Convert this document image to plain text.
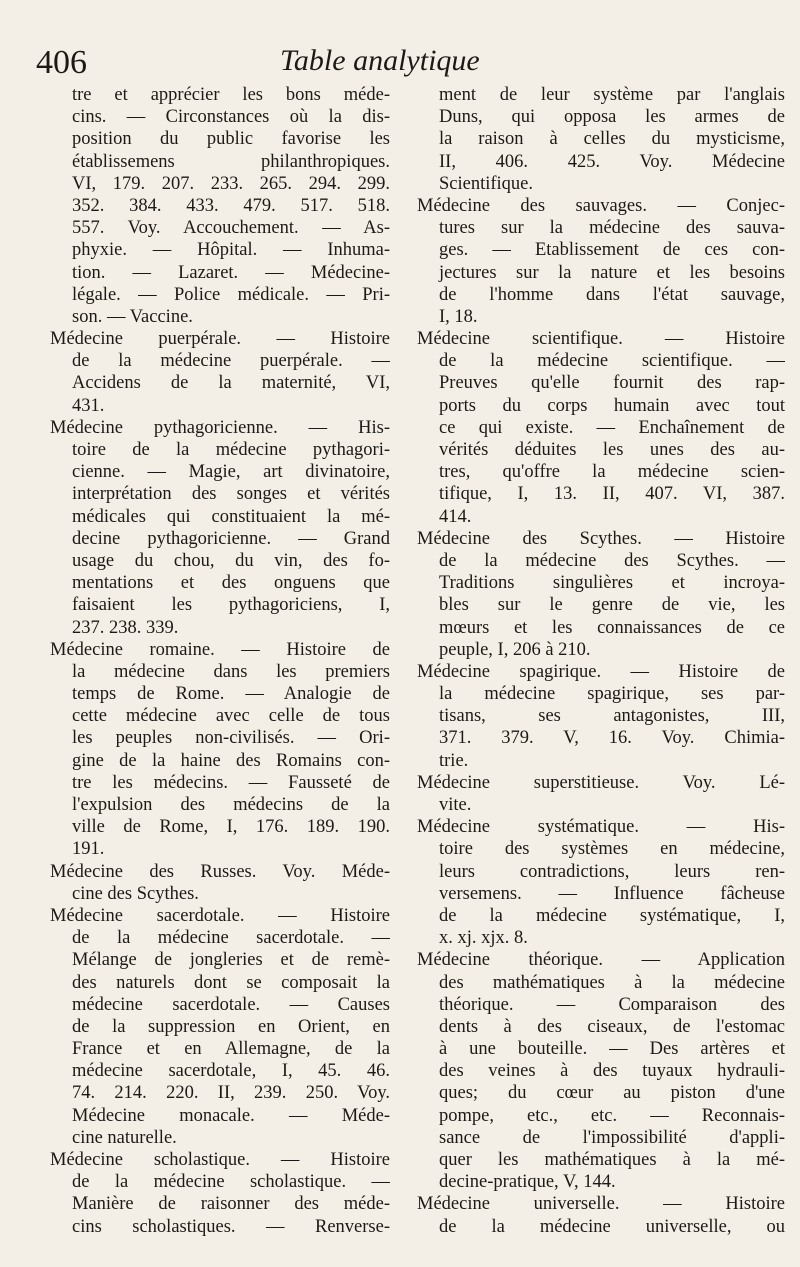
406	Table analytique
tre et apprécier les bons méde-
cins. — Circonstances où la dis-
position du public favorise les
établissemens philanthropiques.
VI, 179. 207. 233. 265. 294. 299.
352. 384. 433. 479. 517. 518.
557. Voy. Accouchement. — As-
phyxie. — Hôpital. — Inhuma-
tion. — Lazaret. — Médecine-
légale. — Police médicale. — Pri-
son. — Vaccine.
Médecine puerpérale. — Histoire
de la médecine puerpérale. —
Accidens de la maternité, VI,
431.
Médecine pythagoricienne. — His-
toire de la médecine pythagori-
cienne. — Magie, art divinatoire,
interprétation des songes et vérités
médicales qui constituaient la mé-
decine pythagoricienne. — Grand
usage du chou, du vin, des fo-
mentations et des onguens que
faisaient les pythagoriciens, I,
237. 238. 339.
Médecine romaine. — Histoire de
la médecine dans les premiers
temps de Rome. — Analogie de
cette médecine avec celle de tous
les peuples non-civilisés. — Ori-
gine de la haine des Romains con-
tre les médecins. — Fausseté de
l'expulsion des médecins de la
ville de Rome, I, 176. 189. 190.
191.
Médecine des Russes. Voy. Méde-
cine des Scythes.
Médecine sacerdotale. — Histoire
de la médecine sacerdotale. —
Mélange de jongleries et de remè-
des naturels dont se composait la
médecine sacerdotale. — Causes
de la suppression en Orient, en
France et en Allemagne, de la
médecine sacerdotale, I, 45. 46.
74. 214. 220. II, 239. 250. Voy.
Médecine monacale. — Méde-
cine naturelle.
Médecine scholastique. — Histoire
de la médecine scholastique. —
Manière de raisonner des méde-
cins scholastiques. — Renverse-
ment de leur système par l'anglais
Duns, qui opposa les armes de
la raison à celles du mysticisme,
II, 406. 425. Voy. Médecine
Scientifique.
Médecine des sauvages. — Conjec-
tures sur la médecine des sauva-
ges. — Etablissement de ces con-
jectures sur la nature et les besoins
de l'homme dans l'état sauvage,
I, 18.
Médecine scientifique. — Histoire
de la médecine scientifique. —
Preuves qu'elle fournit des rap-
ports du corps humain avec tout
ce qui existe. — Enchaînement de
vérités déduites les unes des au-
tres, qu'offre la médecine scien-
tifique, I, 13. II, 407. VI, 387.
414.
Médecine des Scythes. — Histoire
de la médecine des Scythes. —
Traditions singulières et incroya-
bles sur le genre de vie, les
mœurs et les connaissances de ce
peuple, I, 206 à 210.
Médecine spagirique. — Histoire de
la médecine spagirique, ses par-
tisans, ses antagonistes, III,
371. 379. V, 16. Voy. Chimia-
trie.
Médecine superstitieuse. Voy. Lé-
vite.
Médecine systématique. — His-
toire des systèmes en médecine,
leurs contradictions, leurs ren-
versemens. — Influence fâcheuse
de la médecine systématique, I,
x. xj. xjx. 8.
Médecine théorique. — Application
des mathématiques à la médecine
théorique. — Comparaison des
dents à des ciseaux, de l'estomac
à une bouteille. — Des artères et
des veines à des tuyaux hydrauli-
ques; du cœur au piston d'une
pompe, etc., etc. — Reconnais-
sance de l'impossibilité d'appli-
quer les mathématiques à la mé-
decine-pratique, V, 144.
Médecine universelle. — Histoire
de la médecine universelle, ou
